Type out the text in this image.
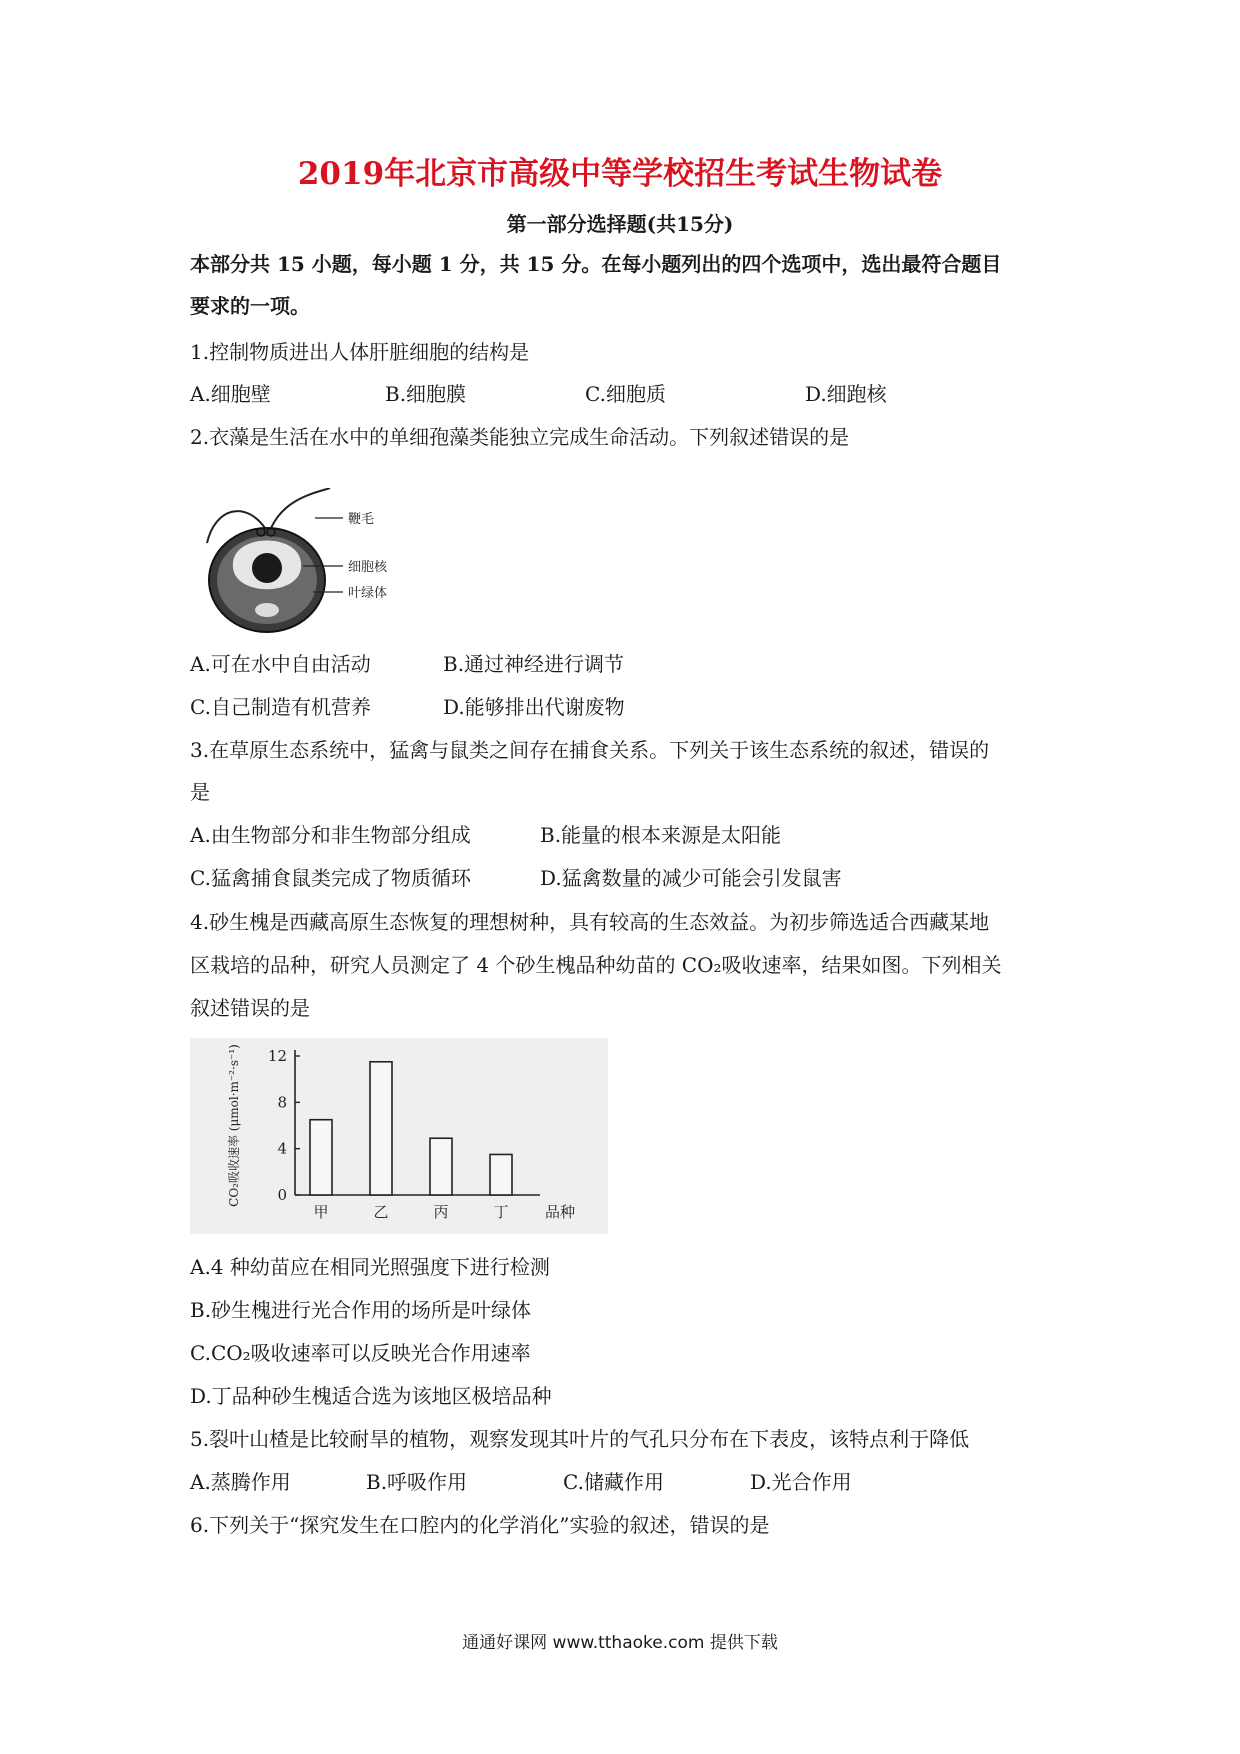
2019年北京市高级中等学校招生考试生物试卷
第一部分选择题(共15分)
本部分共 15 小题，每小题 1 分，共 15 分。在每小题列出的四个选项中，选出最符合题目
要求的一项。
1.控制物质进出人体肝脏细胞的结构是
A.细胞壁	B.细胞膜	C.细胞质	D.细跑核
2.衣藻是生活在水中的单细孢藻类能独立完成生命活动。下列叙述错误的是
鞭毛
细胞核
叶绿体
A.可在水中自由活动	B.通过神经进行调节
C.自己制造有机营养	D.能够排出代谢废物
3.在草原生态系统中，猛禽与鼠类之间存在捕食关系。下列关于该生态系统的叙述，错误的
是
A.由生物部分和非生物部分组成	B.能量的根本来源是太阳能
C.猛禽捕食鼠类完成了物质循环	D.猛禽数量的减少可能会引发鼠害
4.砂生槐是西藏高原生态恢复的理想树种，具有较高的生态效益。为初步筛选适合西藏某地
区栽培的品种，研究人员测定了 4 个砂生槐品种幼苗的 CO₂吸收速率，结果如图。下列相关
叙述错误的是
0
4
8
12
甲	乙	丙	丁 品种
CO₂吸收速率 (μmol·m⁻²·s⁻¹)
A.4 种幼苗应在相同光照强度下进行检测
B.砂生槐进行光合作用的场所是叶绿体
C.CO₂吸收速率可以反映光合作用速率
D.丁品种砂生槐适合选为该地区极培品种
5.裂叶山楂是比较耐旱的植物，观察发现其叶片的气孔只分布在下表皮，该特点利于降低
A.蒸腾作用	B.呼吸作用	C.储藏作用	D.光合作用
6.下列关于“探究发生在口腔内的化学消化”实验的叙述，错误的是
通通好课网 www.tthaoke.com 提供下载
